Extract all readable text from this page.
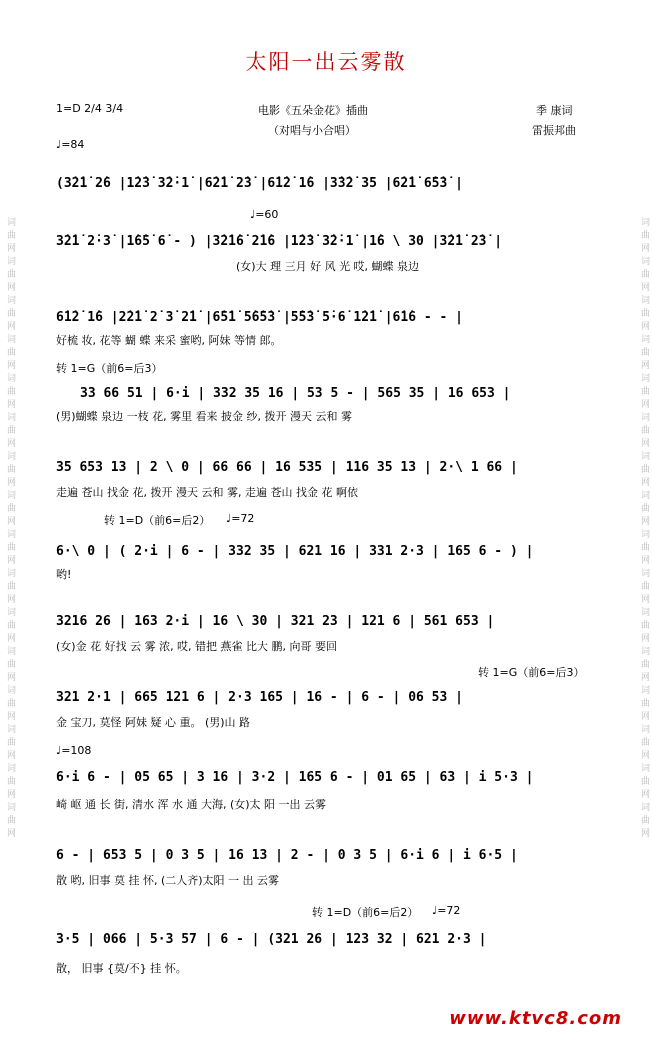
词曲网词曲网词曲网词曲网词曲网词曲网词曲网词曲网词曲网词曲网词曲网词曲网词曲网词曲网词曲网词曲网	词曲网词曲网词曲网词曲网词曲网词曲网词曲网词曲网词曲网词曲网词曲网词曲网词曲网词曲网词曲网词曲网
太阳一出云雾散
1=D 2/4 3/4	电影《五朵金花》插曲
（对唱与小合唱）
季 康词
雷振邦曲
♩=84
(3̇2̇1̇ 2̇6 |1̇2̇3̇ 3̇2̇·1̇ |6̇2̇1̇ 2̇3̇ |6̇1̇2̇ 1̇6 |3̇3̇2̇ 35 |6̇2̇1̇ 6̇5̇3̇ |
♩=60
3̇2̇1̇ 2̇·3̇ |1̇6̇5̇ 6̇ - ) |3̇2̇1̇6̇ 2̇1̇6 |1̇2̇3̇ 3̇2̇·1̇ |1̇6 \ 30 |3̇2̇1̇ 2̇3̇ |
(女)大 理 三月 好 风 光 哎, 蝴蝶 泉边
6̇1̇2̇ 1̇6 |2̇2̇1̇ 2̇ 3̇ 2̇1̇ |6̇5̇1̇ 5̇6̇5̇3̇ |5̇5̇3̇ 5̇·6̇ 1̇2̇1̇ |6̇1̇6 - - |
好梳 妆, 花等 蝴 蝶 来采 蜜哟, 阿妹 等情 郎。
转 1=G（前6=后3）
33 66 51 | 6·i | 332 35 16 | 53 5 - | 565 35 | 16 653 |
(男)蝴蝶 泉边 一枝 花, 雾里 看来 披金 纱, 拨开 漫天 云和 雾
35 653 13 | 2 \ 0 | 66 66 | 16 535 | 116 35 13 | 2·\ 1 66 |
走遍 苍山 找金 花, 拨开 漫天 云和 雾, 走遍 苍山 找金 花 啊依
转 1=D（前6=后2） ♩=72
6·\ 0 | ( 2·i | 6 - | 332 35 | 621 16 | 331 2·3 | 165 6 - ) |
哟!
3216 26 | 163 2·i | 16 \ 30 | 321 23 | 121 6 | 561 653 |
(女)金 花 好找 云 雾 浓, 哎, 错把 燕雀 比大 鹏, 向哥 要回
转 1=G（前6=后3）
321 2·1 | 665 121 6 | 2·3 165 | 16 - | 6 - | 06 53 |
金 宝刀, 莫怪 阿妹 疑 心 重。 (男)山 路
♩=108
6·i 6 - | 05 65 | 3 16 | 3·2 | 165 6 - | 01 65 | 63 | i 5·3 |
崎 岖 通 长 街, 清水 浑 水 通 大海, (女)太 阳 一出 云雾
6 - | 653 5 | 0 3 5 | 16 13 | 2 - | 0 3 5 | 6·i 6 | i 6·5 |
散 哟, 旧事 莫 挂 怀, (二人齐)太阳 一 出 云雾
转 1=D（前6=后2） ♩=72
3·5 | 066 | 5·3 57 | 6 - | (321 26 | 123 32 | 621 2·3 |
散， 旧事 {莫/不} 挂 怀。
www.ktvc8.com
